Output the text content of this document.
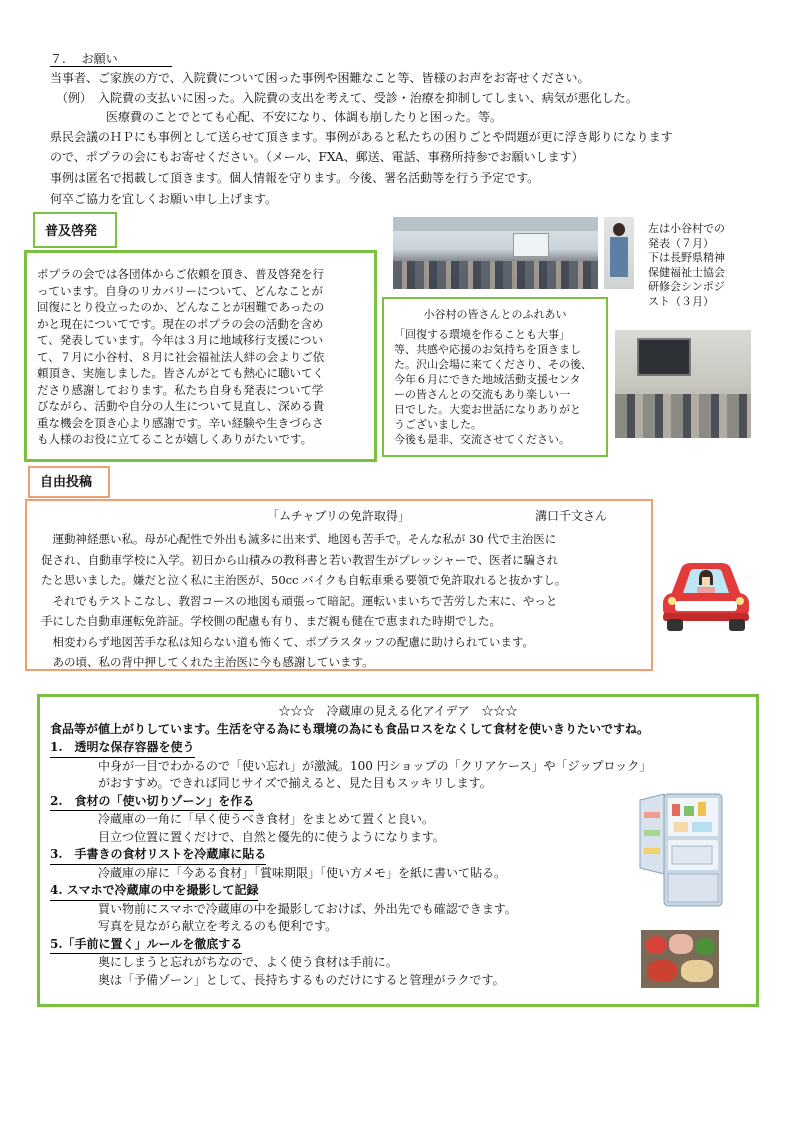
７.　 お願い
当事者、ご家族の方で、入院費について困った事例や困難なこと等、皆様のお声をお寄せください。
（例）　入院費の支払いに困った。入院費の支出を考えて、受診・治療を抑制してしまい、病気が悪化した。
医療費のことでとても心配、不安になり、体調も崩したりと困った。等。
県民会議のＨＰにも事例として送らせて頂きます。事例があると私たちの困りごとや問題が更に浮き彫りになります
ので、ポプラの会にもお寄せください。（メール、FXA、郵送、電話、事務所持参でお願いします）
事例は匿名で掲載して頂きます。個人情報を守ります。今後、署名活動等を行う予定です。
何卒ご協力を宜しくお願い申し上げます。
ポプラの会では各団体からご依頼を頂き、普及啓発を行
っています。自身のリカバリーについて、どんなことが
回復にとり役立ったのか、どんなことが困難であったの
かと現在についてです。現在のポプラの会の活動を含め
て、発表しています。今年は３月に地域移行支援につい
て、７月に小谷村、８月に社会福祉法人絆の会よりご依
頼頂き、実施しました。皆さんがとても熱心に聴いてく
ださり感謝しております。私たち自身も発表について学
びながら、活動や自分の人生について見直し、深める貴
重な機会を頂き心より感謝です。辛い経験や生きづらさ
も人様のお役に立てることが嬉しくありがたいです。
普及啓発	左は小谷村での
発表（７月）
下は長野県精神
保健福祉士協会
研修会シンポジ
スト（３月）
小谷村の皆さんとのふれあい
「回復する環境を作ることも大事」
等、共感や応援のお気持ちを頂きまし
た。沢山会場に来てくださり、その後、
今年６月にできた地域活動支援センタ
ーの皆さんとの交流もあり楽しい一
日でした。大変お世話になりありがと
うございました。
今後も是非、交流させてください。
「ムチャブリの免許取得」	溝口千文さん
　運動神経悪い私。母が心配性で外出も滅多に出来ず、地図も苦手で。そんな私が 30 代で主治医に
促され、自動車学校に入学。初日から山積みの教科書と若い教習生がプレッシャーで、医者に騙され
たと思いました。嫌だと泣く私に主治医が、50cc バイクも自転車乗る要領で免許取れると抜かすし。
　それでもテストこなし、教習コースの地図も頑張って暗記。運転いまいちで苦労した末に、やっと
手にした自動車運転免許証。学校側の配慮も有り、まだ親も健在で恵まれた時期でした。
　相変わらず地図苦手な私は知らない道も怖くて、ポプラスタッフの配慮に助けられています。
　あの頃、私の背中押してくれた主治医に今も感謝しています。
自由投稿
☆☆☆　冷蔵庫の見える化アイデア　☆☆☆
食品等が値上がりしています。生活を守る為にも環境の為にも食品ロスをなくして食材を使いきりたいですね。
1.　透明な保存容器を使う
中身が一目でわかるので「使い忘れ」が激減。100 円ショップの「クリアケース」や「ジップロック」
がおすすめ。できれば同じサイズで揃えると、見た目もスッキリします。
2.　食材の「使い切りゾーン」を作る
冷蔵庫の一角に「早く使うべき食材」をまとめて置くと良い。
目立つ位置に置くだけで、自然と優先的に使うようになります。
3.　手書きの食材リストを冷蔵庫に貼る
冷蔵庫の扉に「今ある食材」「賞味期限」「使い方メモ」を紙に書いて貼る。
4. スマホで冷蔵庫の中を撮影して記録
買い物前にスマホで冷蔵庫の中を撮影しておけば、外出先でも確認できます。
写真を見ながら献立を考えるのも便利です。
5.「手前に置く」ルールを徹底する
奥にしまうと忘れがちなので、よく使う食材は手前に。
奥は「予備ゾーン」として、長持ちするものだけにすると管理がラクです。
